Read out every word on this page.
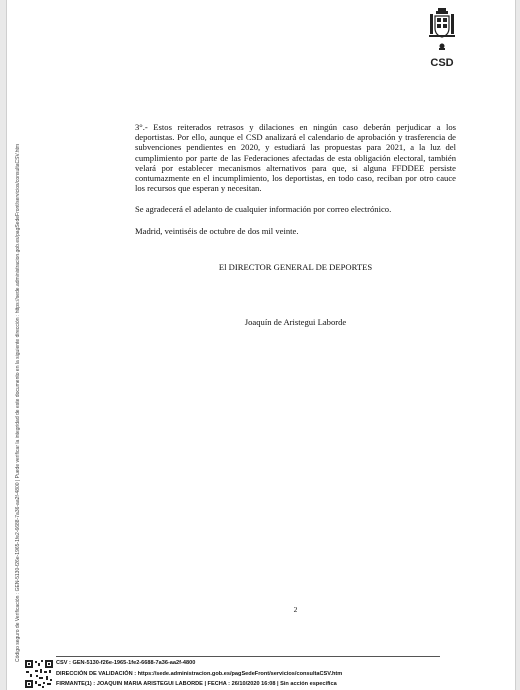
Código seguro de Verificación : GEN-5130-f26e-1965-1fe2-6688-7a36-aa2f-4800 | Puede verificar la integridad de este documento en la siguiente dirección : https://sede.administracion.gob.es/pagSedeFront/servicios/consultaCSV.htm
CSD

3°.- Estos reiterados retrasos y dilaciones en ningún caso deberán perjudicar a los deportistas. Por ello, aunque el CSD analizará el calendario de aprobación y trasferencia de subvenciones pendientes en 2020, y estudiará las propuestas para 2021, a la luz del cumplimiento por parte de las Federaciones afectadas de esta obligación electoral, también velará por establecer mecanismos alternativos para que, si alguna FFDDEE persiste contumazmente en el incumplimiento, los deportistas, en todo caso, reciban por otro cauce los recursos que esperan y necesitan.

Se agradecerá el adelanto de cualquier información por correo electrónico.

Madrid, veintiséis de octubre de dos mil veinte.

El DIRECTOR GENERAL DE DEPORTES
Joaquín de Aristegui Laborde
2
CSV : GEN-5130-f26e-1965-1fe2-6688-7a36-aa2f-4800
DIRECCIÓN DE VALIDACIÓN : https://sede.administracion.gob.es/pagSedeFront/servicios/consultaCSV.htm
FIRMANTE(1) : JOAQUIN MARIA ARISTEGUI LABORDE | FECHA : 26/10/2020 16:08 | Sin acción específica
